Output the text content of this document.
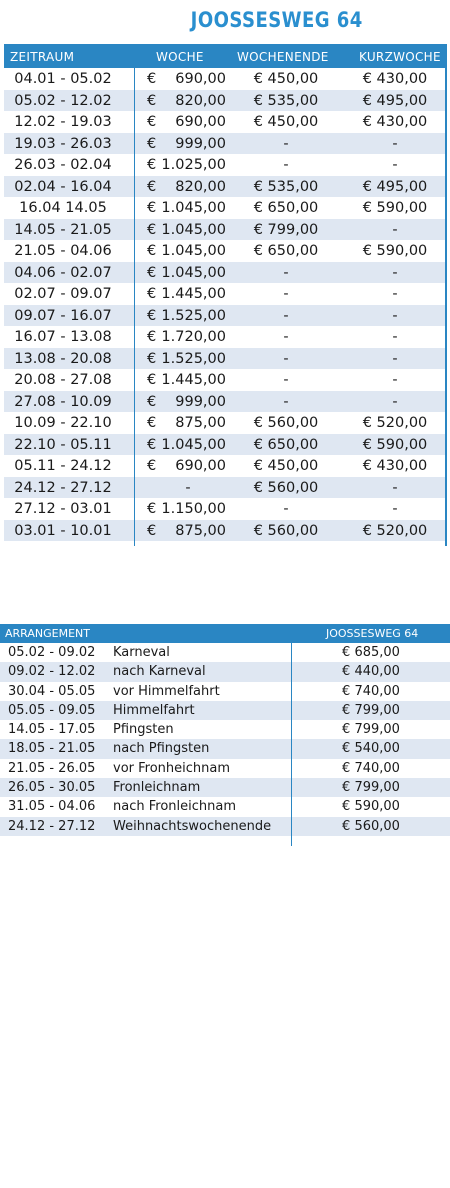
JOOSSESWEG 64
ZEITRAUM	WOCHE	WOCHENENDE	KURZWOCHE
04.01 - 05.02	€	690,00	€ 450,00	€ 430,00
05.02 - 12.02	€	820,00	€ 535,00	€ 495,00
12.02 - 19.03	€	690,00	€ 450,00	€ 430,00
19.03 - 26.03	€	999,00	-	-
26.03 - 02.04	€ 1.025,00	-	-
02.04 - 16.04	€	820,00	€ 535,00	€ 495,00
16.04 14.05	€ 1.045,00	€ 650,00	€ 590,00
14.05 - 21.05	€ 1.045,00	€ 799,00	-
21.05 - 04.06	€ 1.045,00	€ 650,00	€ 590,00
04.06 - 02.07	€ 1.045,00	-	-
02.07 - 09.07	€ 1.445,00	-	-
09.07 - 16.07	€ 1.525,00	-	-
16.07 - 13.08	€ 1.720,00	-	-
13.08 - 20.08	€ 1.525,00	-	-
20.08 - 27.08	€ 1.445,00	-	-
27.08 - 10.09	€	999,00	-	-
10.09 - 22.10	€	875,00	€ 560,00	€ 520,00
22.10 - 05.11	€ 1.045,00	€ 650,00	€ 590,00
05.11 - 24.12	€	690,00	€ 450,00	€ 430,00
24.12 - 27.12	-	€ 560,00	-
27.12 - 03.01	€ 1.150,00	-	-
03.01 - 10.01	€	875,00	€ 560,00	€ 520,00
ARRANGEMENT	JOOSSESWEG 64
05.02 - 09.02 Karneval	€ 685,00
09.02 - 12.02 nach Karneval	€ 440,00
30.04 - 05.05 vor Himmelfahrt	€ 740,00
05.05 - 09.05 Himmelfahrt	€ 799,00
14.05 - 17.05 Pfingsten	€ 799,00
18.05 - 21.05 nach Pfingsten	€ 540,00
21.05 - 26.05 vor Fronheichnam	€ 740,00
26.05 - 30.05 Fronleichnam	€ 799,00
31.05 - 04.06 nach Fronleichnam	€ 590,00
24.12 - 27.12 Weihnachtswochenende	€ 560,00
